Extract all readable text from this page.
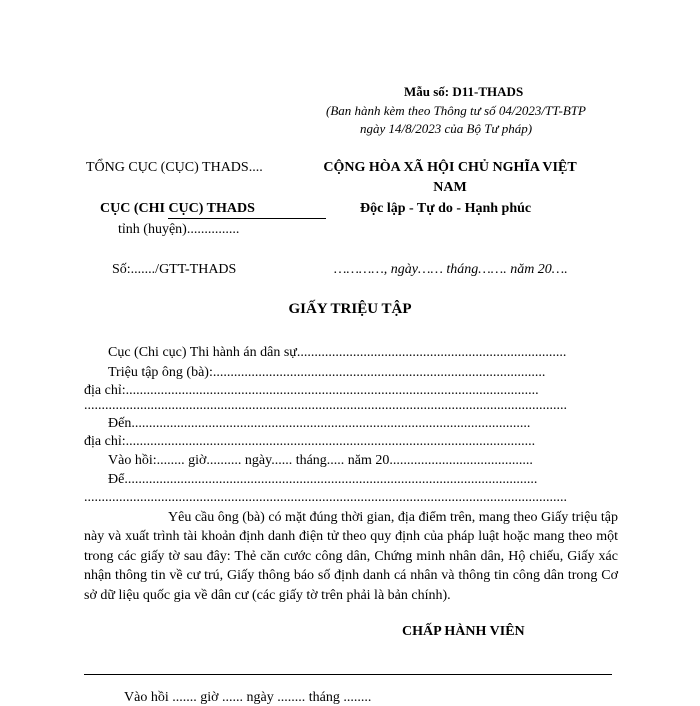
Mẫu số: D11-THADS

(Ban hành kèm theo Thông tư số 04/2023/TT-BTP

ngày 14/8/2023 của Bộ Tư pháp)

TỔNG CỤC (CỤC) THADS....

CỤC (CHI CỤC) THADS

tỉnh (huyện)...............

CỘNG HÒA XÃ HỘI CHỦ NGHĨA VIỆT

NAM

Độc lập - Tự do - Hạnh phúc

Số:......./GTT-THADS	…………, ngày…… tháng……. năm 20….

GIẤY TRIỆU TẬP

Cục (Chi cục) Thi hành án dân sự.............................................................................

Triệu tập ông (bà):...............................................................................................

địa chỉ:......................................................................................................................

..........................................................................................................................................

Đến..................................................................................................................

địa chỉ:.....................................................................................................................

Vào hồi:........ giờ.......... ngày...... tháng..... năm 20.........................................

Để......................................................................................................................

..........................................................................................................................................

Yêu cầu ông (bà) có mặt đúng thời gian, địa điểm trên, mang theo Giấy triệu tập này và xuất trình tài khoản định danh điện tử theo quy định của pháp luật hoặc mang theo một trong các giấy tờ sau đây: Thẻ căn cước công dân, Chứng minh nhân dân, Hộ chiếu, Giấy xác nhận thông tin về cư trú, Giấy thông báo số định danh cá nhân và thông tin công dân trong Cơ sở dữ liệu quốc gia về dân cư (các giấy tờ trên phải là bản chính).

CHẤP HÀNH VIÊN

Vào hồi ....... giờ ...... ngày ........ tháng ........
